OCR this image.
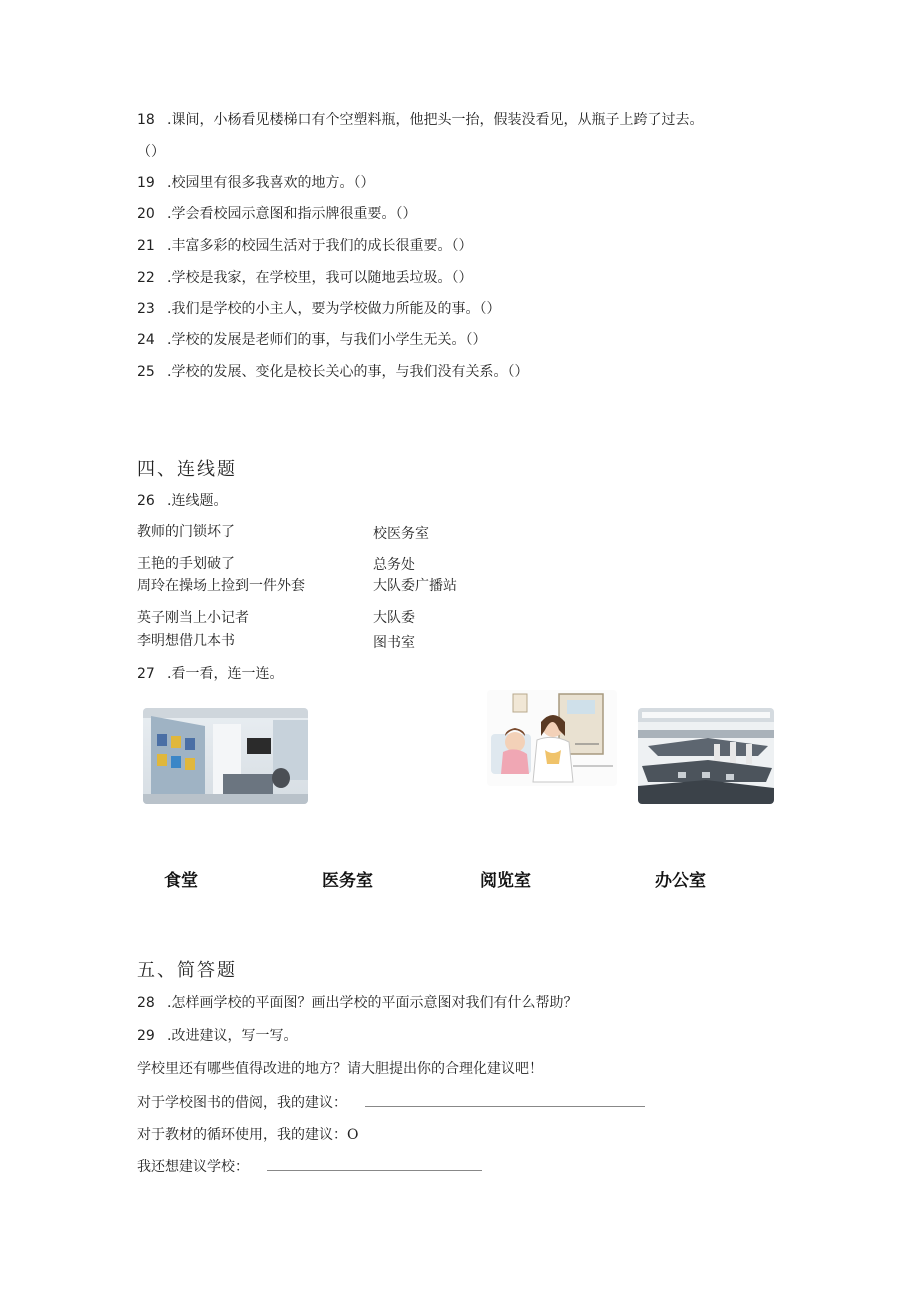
18 .课间，小杨看见楼梯口有个空塑料瓶，他把头一抬，假装没看见，从瓶子上跨了过去。
（）
19 .校园里有很多我喜欢的地方。（）
20 .学会看校园示意图和指示牌很重要。（）
21 .丰富多彩的校园生活对于我们的成长很重要。（）
22 .学校是我家，在学校里，我可以随地丢垃圾。（）
23 .我们是学校的小主人，要为学校做力所能及的事。（）
24 .学校的发展是老师们的事，与我们小学生无关。（）
25 .学校的发展、变化是校长关心的事，与我们没有关系。（）
四、连线题
26 .连线题。
教师的门锁坏了
王艳的手划破了
周玲在操场上捡到一件外套
英子刚当上小记者
李明想借几本书
校医务室
总务处
大队委广播站
大队委
图书室
27 .看一看，连一连。
食堂	医务室	阅览室	办公室
五、简答题
28 .怎样画学校的平面图？画出学校的平面示意图对我们有什么帮助？
29 .改进建议，写一写。
学校里还有哪些值得改进的地方？请大胆提出你的合理化建议吧！
对于学校图书的借阅，我的建议：
对于教材的循环使用，我的建议：O
我还想建议学校：
